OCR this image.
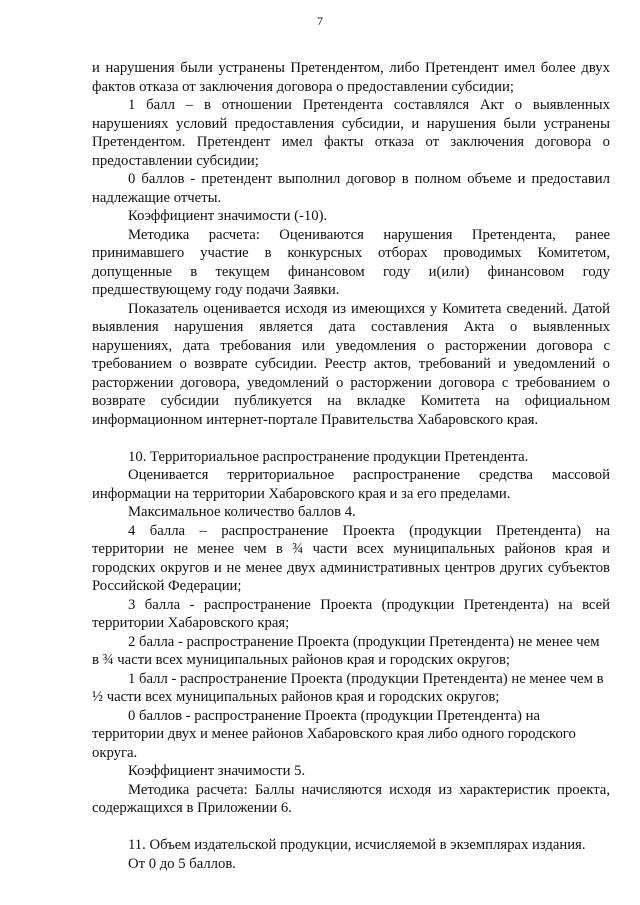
7

и нарушения были устранены Претендентом, либо Претендент имел более двух фактов отказа от заключения договора о предоставлении субсидии;

1 балл – в отношении Претендента составлялся Акт о выявленных нарушениях условий предоставления субсидии, и нарушения были устранены Претендентом. Претендент имел факты отказа от заключения договора о предоставлении субсидии;

0 баллов - претендент выполнил договор в полном объеме и предоставил надлежащие отчеты.

Коэффициент значимости (-10).

Методика расчета: Оцениваются нарушения Претендента, ранее принимавшего участие в конкурсных отборах проводимых Комитетом, допущенные в текущем финансовом году и(или) финансовом году предшествующему году подачи Заявки.

Показатель оценивается исходя из имеющихся у Комитета сведений. Датой выявления нарушения является дата составления Акта о выявленных нарушениях, дата требования или уведомления о расторжении договора с требованием о возврате субсидии. Реестр актов, требований и уведомлений о расторжении договора, уведомлений о расторжении договора с требованием о возврате субсидии публикуется на вкладке Комитета на официальном информационном интернет-портале Правительства Хабаровского края.

10. Территориальное распространение продукции Претендента.

Оценивается территориальное распространение средства массовой информации на территории Хабаровского края и за его пределами.

Максимальное количество баллов 4.

4 балла – распространение Проекта (продукции Претендента) на территории не менее чем в ¾ части всех муниципальных районов края и городских округов и не менее двух административных центров других субъектов Российской Федерации;

3 балла - распространение Проекта (продукции Претендента) на всей территории Хабаровского края;

2 балла - распространение Проекта (продукции Претендента) не менее чем в ¾ части всех муниципальных районов края и городских округов;

1 балл - распространение Проекта (продукции Претендента) не менее чем в ½ части всех муниципальных районов края и городских округов;

0 баллов - распространение Проекта (продукции Претендента) на территории двух и менее районов Хабаровского края либо одного городского округа.

Коэффициент значимости 5.

Методика расчета: Баллы начисляются исходя из характеристик проекта, содержащихся в Приложении 6.

11. Объем издательской продукции, исчисляемой в экземплярах издания.

От 0 до 5 баллов.
